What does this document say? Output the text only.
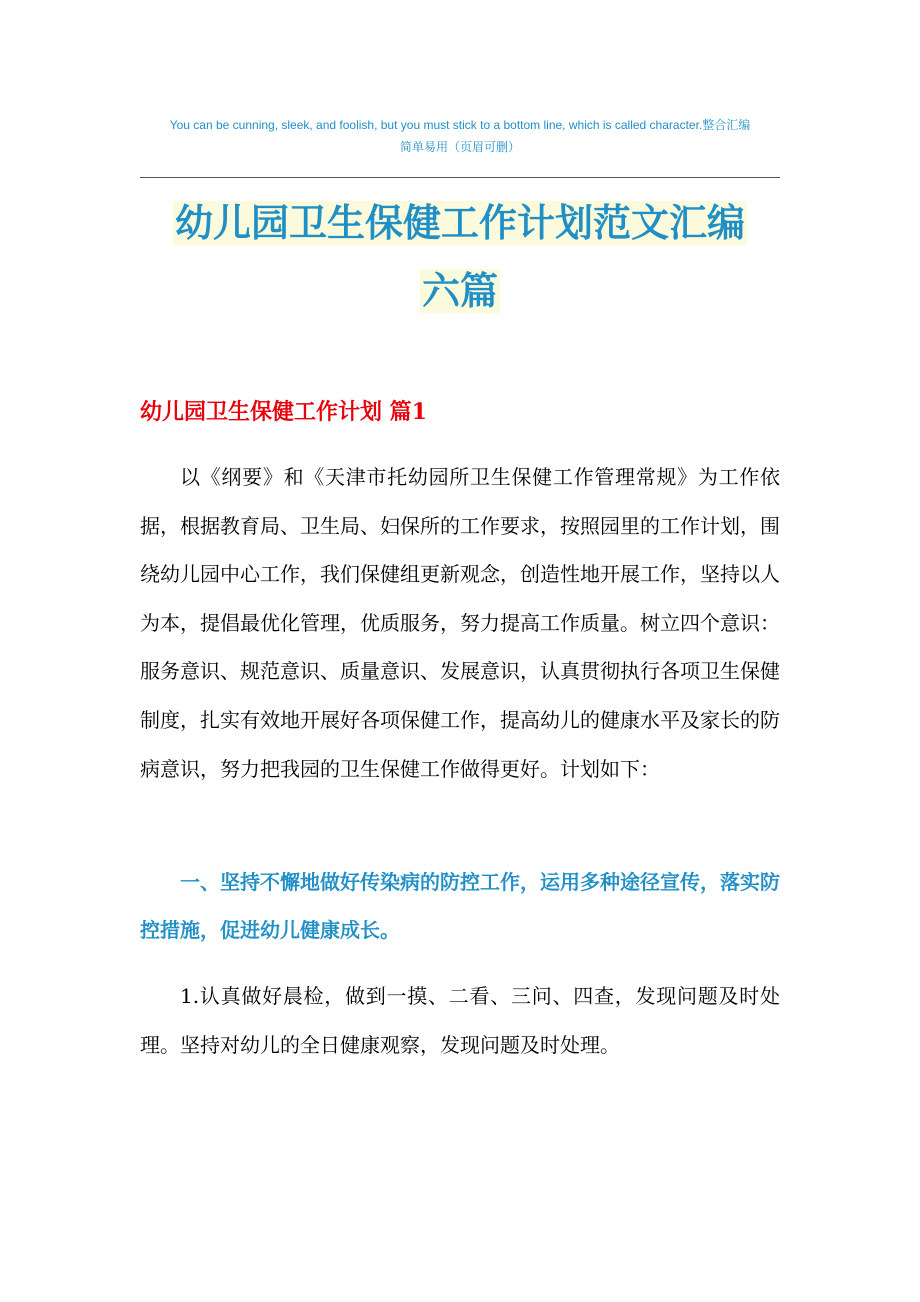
You can be cunning, sleek, and foolish, but you must stick to a bottom line, which is called character.整合汇编
简单易用（页眉可删）
幼儿园卫生保健工作计划范文汇编
六篇
幼儿园卫生保健工作计划 篇1

以《纲要》和《天津市托幼园所卫生保健工作管理常规》为工作依据，根据教育局、卫生局、妇保所的工作要求，按照园里的工作计划，围绕幼儿园中心工作，我们保健组更新观念，创造性地开展工作，坚持以人为本，提倡最优化管理，优质服务，努力提高工作质量。树立四个意识：服务意识、规范意识、质量意识、发展意识，认真贯彻执行各项卫生保健制度，扎实有效地开展好各项保健工作，提高幼儿的健康水平及家长的防病意识，努力把我园的卫生保健工作做得更好。计划如下：

一、坚持不懈地做好传染病的防控工作，运用多种途径宣传，落实防控措施，促进幼儿健康成长。

1.认真做好晨检，做到一摸、二看、三问、四查，发现问题及时处理。坚持对幼儿的全日健康观察，发现问题及时处理。
